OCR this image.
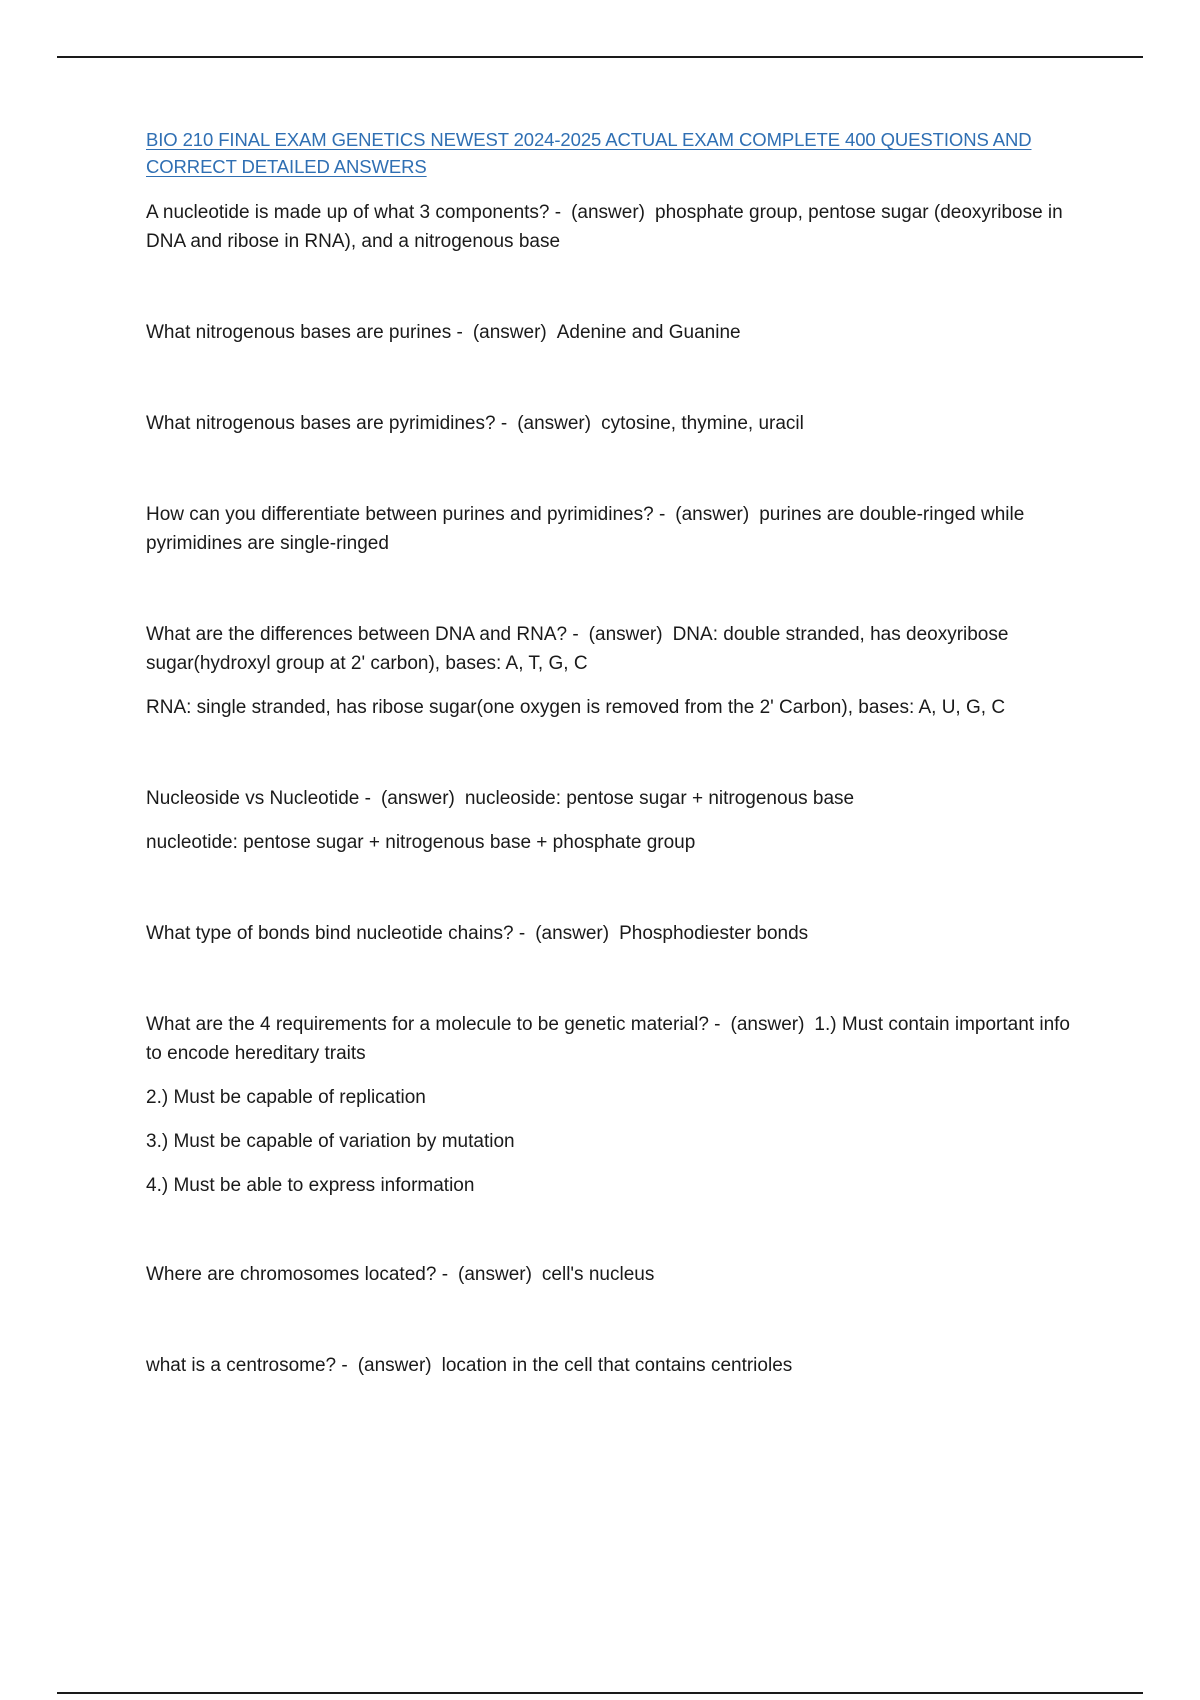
BIO 210 FINAL EXAM GENETICS NEWEST 2024-2025 ACTUAL EXAM COMPLETE 400 QUESTIONS AND CORRECT DETAILED ANSWERS

A nucleotide is made up of what 3 components? - (answer) phosphate group, pentose sugar (deoxyribose in DNA and ribose in RNA), and a nitrogenous base

What nitrogenous bases are purines - (answer) Adenine and Guanine

What nitrogenous bases are pyrimidines? - (answer) cytosine, thymine, uracil

How can you differentiate between purines and pyrimidines? - (answer) purines are double-ringed while pyrimidines are single-ringed

What are the differences between DNA and RNA? - (answer) DNA: double stranded, has deoxyribose sugar(hydroxyl group at 2' carbon), bases: A, T, G, C

RNA: single stranded, has ribose sugar(one oxygen is removed from the 2' Carbon), bases: A, U, G, C

Nucleoside vs Nucleotide - (answer) nucleoside: pentose sugar + nitrogenous base

nucleotide: pentose sugar + nitrogenous base + phosphate group

What type of bonds bind nucleotide chains? - (answer) Phosphodiester bonds

What are the 4 requirements for a molecule to be genetic material? - (answer) 1.) Must contain important info to encode hereditary traits

2.) Must be capable of replication

3.) Must be capable of variation by mutation

4.) Must be able to express information

Where are chromosomes located? - (answer) cell's nucleus

what is a centrosome? - (answer) location in the cell that contains centrioles
